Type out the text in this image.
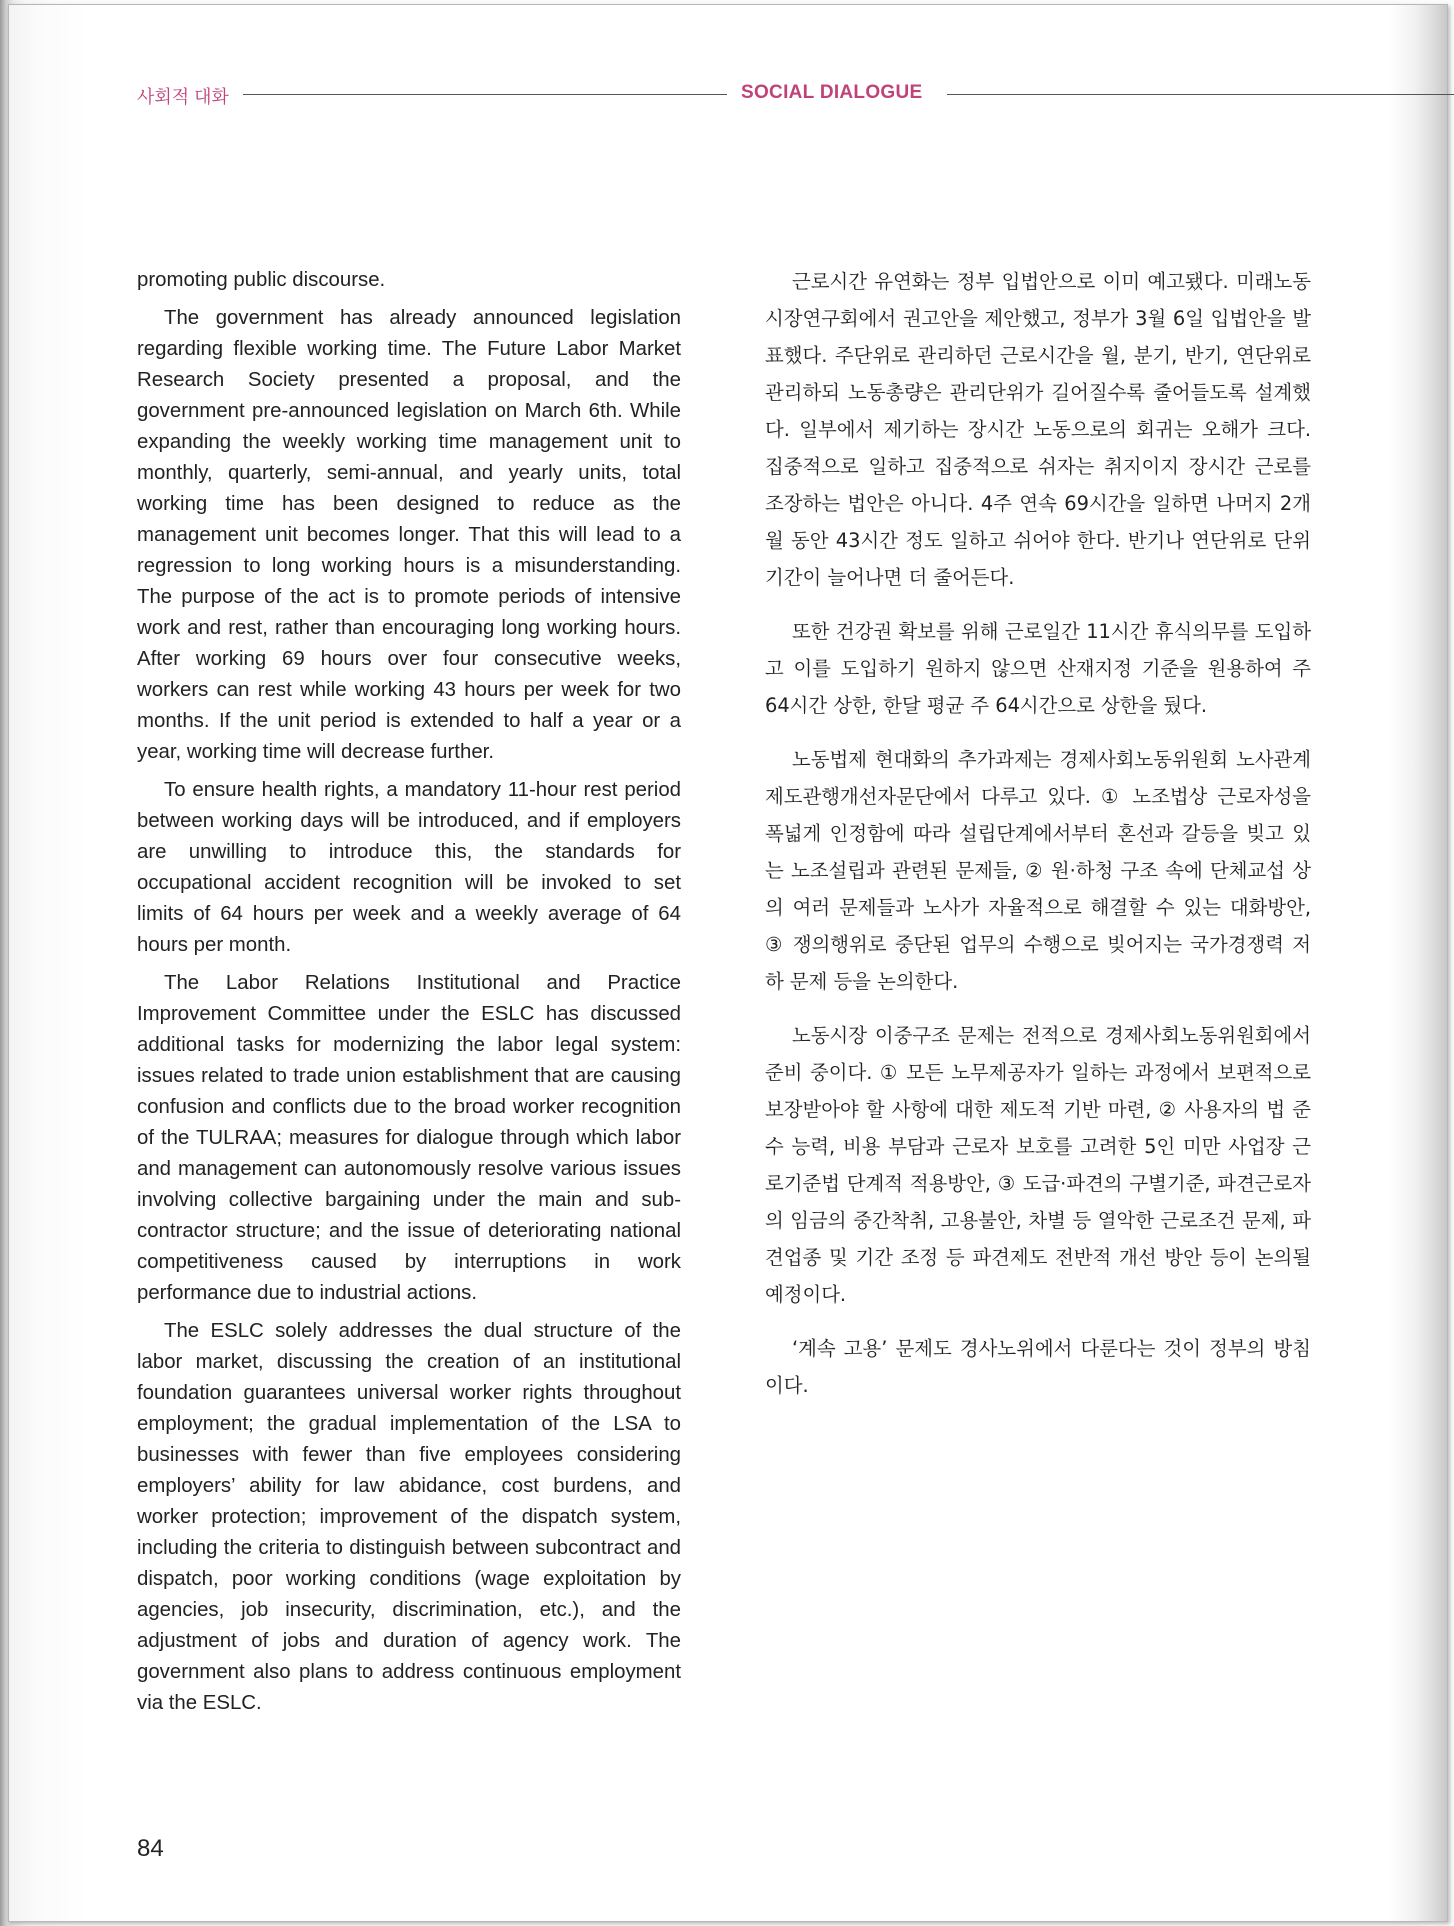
사회적 대화	SOCIAL DIALOGUE

promoting public discourse.

The government has already announced legislation regarding flexible working time. The Future Labor Market Research Society presented a proposal, and the government pre-announced legislation on March 6th. While expanding the weekly working time management unit to monthly, quarterly, semi-annual, and yearly units, total working time has been designed to reduce as the management unit becomes longer. That this will lead to a regression to long working hours is a misunderstanding. The purpose of the act is to promote periods of intensive work and rest, rather than encouraging long working hours. After working 69 hours over four consecutive weeks, workers can rest while working 43 hours per week for two months. If the unit period is extended to half a year or a year, working time will decrease further.

To ensure health rights, a mandatory 11-hour rest period between working days will be introduced, and if employers are unwilling to introduce this, the standards for occupational accident recognition will be invoked to set limits of 64 hours per week and a weekly average of 64 hours per month.

The Labor Relations Institutional and Practice Improvement Committee under the ESLC has discussed additional tasks for modernizing the labor legal system: issues related to trade union establishment that are causing confusion and conflicts due to the broad worker recognition of the TULRAA; measures for dialogue through which labor and management can autonomously resolve various issues involving collective bargaining under the main and sub-contractor structure; and the issue of deteriorating national competitiveness caused by interruptions in work performance due to industrial actions.

The ESLC solely addresses the dual structure of the labor market, discussing the creation of an institutional foundation guarantees universal worker rights throughout employment; the gradual implementation of the LSA to businesses with fewer than five employees considering employers’ ability for law abidance, cost burdens, and worker protection; improvement of the dispatch system, including the criteria to distinguish between subcontract and dispatch, poor working conditions (wage exploitation by agencies, job insecurity, discrimination, etc.), and the adjustment of jobs and duration of agency work. The government also plans to address continuous employment via the ESLC.

근로시간 유연화는 정부 입법안으로 이미 예고됐다. 미래노동시장연구회에서 권고안을 제안했고, 정부가 3월 6일 입법안을 발표했다. 주단위로 관리하던 근로시간을 월, 분기, 반기, 연단위로 관리하되 노동총량은 관리단위가 길어질수록 줄어들도록 설계했다. 일부에서 제기하는 장시간 노동으로의 회귀는 오해가 크다. 집중적으로 일하고 집중적으로 쉬자는 취지이지 장시간 근로를 조장하는 법안은 아니다. 4주 연속 69시간을 일하면 나머지 2개월 동안 43시간 정도 일하고 쉬어야 한다. 반기나 연단위로 단위기간이 늘어나면 더 줄어든다.

또한 건강권 확보를 위해 근로일간 11시간 휴식의무를 도입하고 이를 도입하기 원하지 않으면 산재지정 기준을 원용하여 주 64시간 상한, 한달 평균 주 64시간으로 상한을 뒀다.

노동법제 현대화의 추가과제는 경제사회노동위원회 노사관계제도관행개선자문단에서 다루고 있다. ① 노조법상 근로자성을 폭넓게 인정함에 따라 설립단계에서부터 혼선과 갈등을 빚고 있는 노조설립과 관련된 문제들, ② 원·하청 구조 속에 단체교섭 상의 여러 문제들과 노사가 자율적으로 해결할 수 있는 대화방안, ③ 쟁의행위로 중단된 업무의 수행으로 빚어지는 국가경쟁력 저하 문제 등을 논의한다.

노동시장 이중구조 문제는 전적으로 경제사회노동위원회에서 준비 중이다. ① 모든 노무제공자가 일하는 과정에서 보편적으로 보장받아야 할 사항에 대한 제도적 기반 마련, ② 사용자의 법 준수 능력, 비용 부담과 근로자 보호를 고려한 5인 미만 사업장 근로기준법 단계적 적용방안, ③ 도급·파견의 구별기준, 파견근로자의 임금의 중간착취, 고용불안, 차별 등 열악한 근로조건 문제, 파견업종 및 기간 조정 등 파견제도 전반적 개선 방안 등이 논의될 예정이다.

‘계속 고용’ 문제도 경사노위에서 다룬다는 것이 정부의 방침이다.

84
